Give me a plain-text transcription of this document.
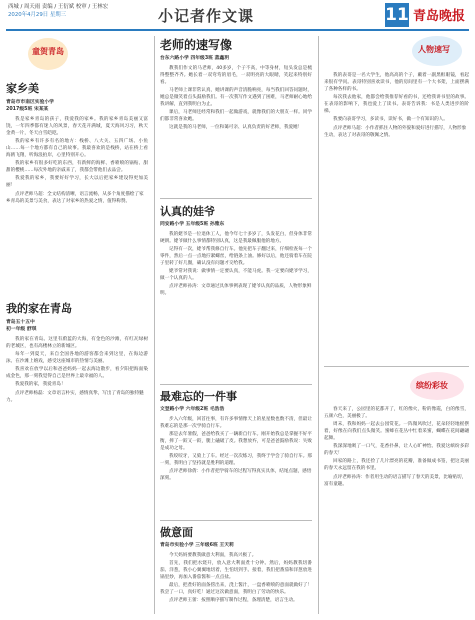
西城 / 周天雨 责编 / 王衍斌 校审 / 王林宏
2020年4月29日 星期三	小记者作文课	11 青岛晚报
童贺青岛
家乡美
青岛市市南区实验小学
2017级5班 宋某某

我是家乡青岛的孩子，我爱我的家乡。我的家乡青岛美丽又富饶，一年四季都有迷人的风景，春天花开满城，夏天海风习习，秋天金黄一片，冬天白雪皑皑。

我的家乡有许多有名的地方：栈桥、八大关、五四广场、小鱼山……每一个地方都有自己的故事。我最喜欢的是栈桥，站在桥上看海鸥飞翔，听海浪拍岸，心里特别开心。

我的家乡有很多好吃的东西，有新鲜的海鲜、香喷喷的锅贴、甜甜的樱桃……每次外地的亲戚来了，我都会带他们去品尝。

我爱我的家乡，我要好好学习，长大以后把家乡建设得更加美丽！

点评老师马超：全文结构清晰，语言流畅，从多个角度描绘了家乡青岛的美景与美食，表达了对家乡的热爱之情，值得称赞。
我的家在青岛
青岛五十五中
初一年级 舒琪

我的家在青岛。这里有蔚蓝的大海，有金色的沙滩，有红瓦绿树的老城区，也有高楼林立的新城区。

每年一到夏天，来自全国各地的游客都会来到这里，在海边游泳、在沙滩上嬉戏，感受这座城市的热情与美丽。

我喜欢在放学以后和爸爸妈妈一起去海边散步，看夕阳把海面染成金色，那一刻我觉得自己是世界上最幸福的人。

我爱我的家，我爱青岛！

点评老师杨磊：文章语言朴实，感情真挚，写出了青岛的独特魅力。
老师的速写像
台东六路小学 四年级3班 蒸鑫玥

教我们作文的马老师，40多岁，个子不高，中等身材，短头发总是梳得整整齐齐。她长着一双弯弯的眉毛，一双明亮的大眼睛，笑起来特别好看。

马老师上课非常认真，她讲课的声音清脆响亮，每当我们回答问题时，她总是微笑着点头鼓励我们。有一次我写作文遇到了困难，马老师耐心地给我讲解，直到我明白为止。

课后，马老师还经常和我们一起做游戏，就像我们的大朋友一样。同学们都非常喜欢她。

这就是我的马老师，一位和蔼可亲、认真负责的好老师，我爱她！

认真的娃爷
同安路小学 五年级5班 孙雅东

我的姥爷是一位退休工人，他今年七十多岁了，头发花白，但身体非常硬朗。姥爷做什么事情都特别认真，这是我最佩服他的地方。

记得有一次，姥爷帮我修自行车。他先把车子翻过来，仔细检查每一个零件，然后一点一点地拧紧螺丝，给链条上油。修好以后，他还骑着车在院子里转了好几圈，确认没有问题才交给我。

姥爷常对我说：做事情一定要认真，不能马虎。我一定要向姥爷学习，做一个认真的人。

点评老师孙涛：文章通过具体事例表现了姥爷认真的品质，人物形象鲜明。
最难忘的一件事
文登路小学 六年级2班 毛浩浩

步入六年级，回首往事，有许多事情像天上的星星数也数不清，但最让我难忘的是那一次学骑自行车。

那是去年暑假，爸爸给我买了一辆新自行车。刚开始我总是掌握不好平衡，摔了一跤又一跤，腿上磕破了皮。我想放弃，可是爸爸鼓励我说：失败是成功之母。

我咬咬牙，又骑上了车。经过一次次练习，我终于学会了骑自行车。那一刻，我明白了坚持就是胜利的道理。

点评老师徐倩：小作者把学骑车的过程写得真实具体，结尾点题，感悟深刻。
做意面
青岛市实验小学 三年级6班 王天莉

今天妈妈要教我做意大利面，我高兴极了。

首先，我们把水烧开，放入意大利面煮十分钟。然后，妈妈教我切番茄、洋葱，我小心翼翼地切着，生怕切到手。接着，我们把番茄和洋葱放进锅里炒，再加入番茄酱和一点点盐。

最后，把煮好的面条捞出来，浇上酱汁，一盘香喷喷的意面就做好了！我尝了一口，真好吃！通过这次做意面，我明白了劳动的快乐。

点评老师王蕾：按照顺序描写制作过程，条理清楚，语言生动。
人物速写

我的表哥是一名大学生，他高高的个子，戴着一副黑框眼镜，看起来很有学问。表哥特别喜欢读书，他的房间里有一个大书架，上面摆满了各种各样的书。

每次我去他家，他都会给我推荐好看的书，还给我讲书里的故事。在表哥的影响下，我也爱上了读书。表哥告诉我：书是人类进步的阶梯。

我要向表哥学习，多读书，读好书，做一个有知识的人。

点评老师马超：小作者抓住人物的外貌和爱好进行描写，人物形象生动，表达了对表哥的敬佩之情。
缤纷彩妆

春天来了，公园里的花都开了，红的像火，粉的像霞，白的像雪，五颜六色，美丽极了。

周末，我和妈妈一起去公园赏花。一阵微风吹过，花朵轻轻地摇摆着，好像在向我们点头微笑。蜜蜂在花丛中忙着采蜜，蝴蝶在花间翩翩起舞。

我深深地吸了一口气，花香扑鼻，让人心旷神怡。我爱这缤纷多彩的春天！

回家的路上，我还捡了几片漂亮的花瓣，准备做成书签，把这美丽的春天永远留在我的书里。

点评老师孙涛：作者用生动的语言描写了春天的美景，比喻贴切，富有童趣。
